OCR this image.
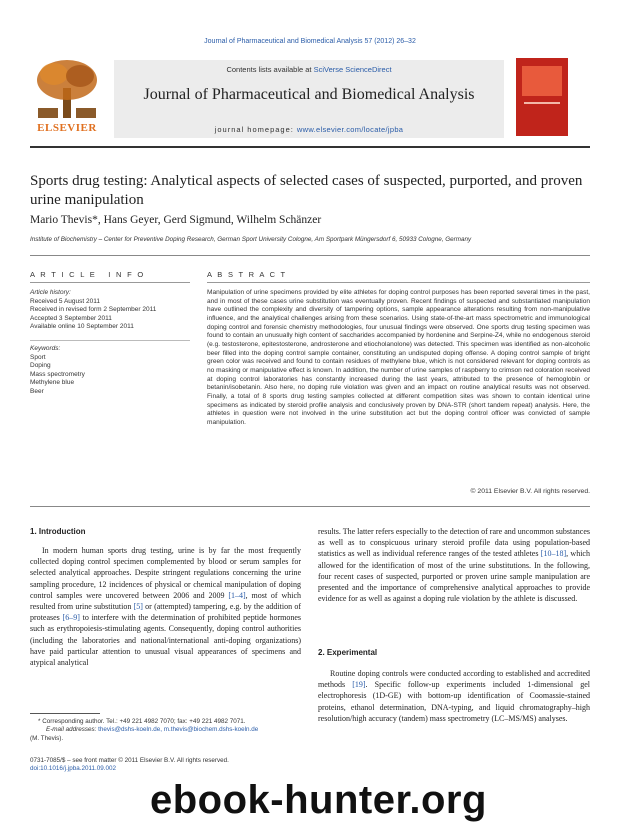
Journal of Pharmaceutical and Biomedical Analysis 57 (2012) 26–32
ELSEVIER
Contents lists available at SciVerse ScienceDirect
Journal of Pharmaceutical and Biomedical Analysis
journal homepage: www.elsevier.com/locate/jpba
Sports drug testing: Analytical aspects of selected cases of suspected, purported, and proven urine manipulation
Mario Thevis*, Hans Geyer, Gerd Sigmund, Wilhelm Schänzer
Institute of Biochemistry – Center for Preventive Doping Research, German Sport University Cologne, Am Sportpark Müngersdorf 6, 50933 Cologne, Germany
A R T I C L E   I N F O
Article history:
Received 5 August 2011
Received in revised form 2 September 2011
Accepted 3 September 2011
Available online 10 September 2011
Keywords:
Sport
Doping
Mass spectrometry
Methylene blue
Beer
A B S T R A C T
Manipulation of urine specimens provided by elite athletes for doping control purposes has been reported several times in the past, and in most of these cases urine substitution was eventually proven. Recent findings of suspected and substantiated manipulation have outlined the complexity and diversity of tampering options, sample appearance alterations resulting from non-manipulative influence, and the analytical challenges arising from these scenarios. Using state-of-the-art mass spectrometric and immunological doping control and forensic chemistry methodologies, four unusual findings were observed. One sports drug testing specimen was found to contain an unusually high content of saccharides accompanied by hordenine and Serpine-Z4, while no endogenous steroid (e.g. testosterone, epitestosterone, androsterone and etiocholanolone) was detected. This specimen was identified as non-alcoholic beer filled into the doping control sample container, constituting an undisputed doping offense. A doping control sample of bright green color was received and found to contain residues of methylene blue, which is not considered relevant for doping controls as no masking or manipulative effect is known. In addition, the number of urine samples of raspberry to crimson red coloration received at doping control laboratories has constantly increased during the last years, attributed to the presence of hemoglobin or betanin/isobetanin. Also here, no doping rule violation was given and an impact on routine analytical results was not observed. Finally, a total of 8 sports drug testing samples collected at different competition sites was shown to contain identical urine specimens as indicated by steroid profile analysis and conclusively proven by DNA-STR (short tandem repeat) analysis. Here, the athletes in question were not involved in the urine substitution act but the doping control officer was convicted of sample manipulation.
© 2011 Elsevier B.V. All rights reserved.
1. Introduction
In modern human sports drug testing, urine is by far the most frequently collected doping control specimen complemented by blood or serum samples for selected analytical approaches. Despite stringent regulations concerning the urine sampling procedure, 12 incidences of physical or chemical manipulation of doping control samples were uncovered between 2006 and 2009 [1–4], most of which resulted from urine substitution [5] or (attempted) tampering, e.g. by the addition of proteases [6–9] to interfere with the determination of prohibited peptide hormones such as erythropoiesis-stimulating agents. Consequently, doping control authorities (including the laboratories and national/international anti-doping organizations) have paid particular attention to unusual visual appearances of specimens and atypical analytical
results. The latter refers especially to the detection of rare and uncommon substances as well as to conspicuous urinary steroid profile data using population-based statistics as well as individual reference ranges of the tested athletes [10–18], which allowed for the identification of most of the urine substitutions. In the following, four recent cases of suspected, purported or proven urine sample manipulation are presented and the importance of comprehensive analytical approaches to provide evidence for as well as against a doping rule violation by the athlete is discussed.
2. Experimental
Routine doping controls were conducted according to established and accredited methods [19]. Specific follow-up experiments included 1-dimensional gel electrophoresis (1D-GE) with bottom-up identification of Coomassie-stained proteins, ethanol determination, DNA-typing, and liquid chromatography–high resolution/high accuracy (tandem) mass spectrometry (LC–MS/MS) analyses.
* Corresponding author. Tel.: +49 221 4982 7070; fax: +49 221 4982 7071.
E-mail addresses: thevis@dshs-koeln.de, m.thevis@biochem.dshs-koeln.de
(M. Thevis).
0731-7085/$ – see front matter © 2011 Elsevier B.V. All rights reserved.
doi:10.1016/j.jpba.2011.09.002
ebook-hunter.org
